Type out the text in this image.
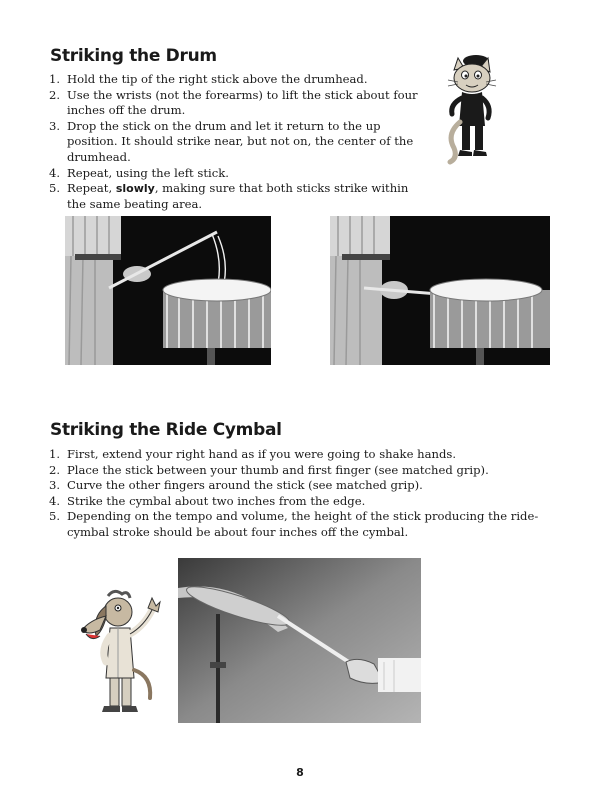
Striking the Drum
1. Hold the tip of the right stick above the drumhead.
2. Use the wrists (not the forearms) to lift the stick about four inches off the drum.
3. Drop the stick on the drum and let it return to the up position. It should strike near, but not on, the center of the drumhead.
4. Repeat, using the left stick.
5. Repeat, slowly, making sure that both sticks strike within the same beating area.
Striking the Ride Cymbal
1. First, extend your right hand as if you were going to shake hands.
2. Place the stick between your thumb and first finger (see matched grip).
3. Curve the other fingers around the stick (see matched grip).
4. Strike the cymbal about two inches from the edge.
5. Depending on the tempo and volume, the height of the stick producing the ride-cymbal stroke should be about four inches off the cymbal.
8
